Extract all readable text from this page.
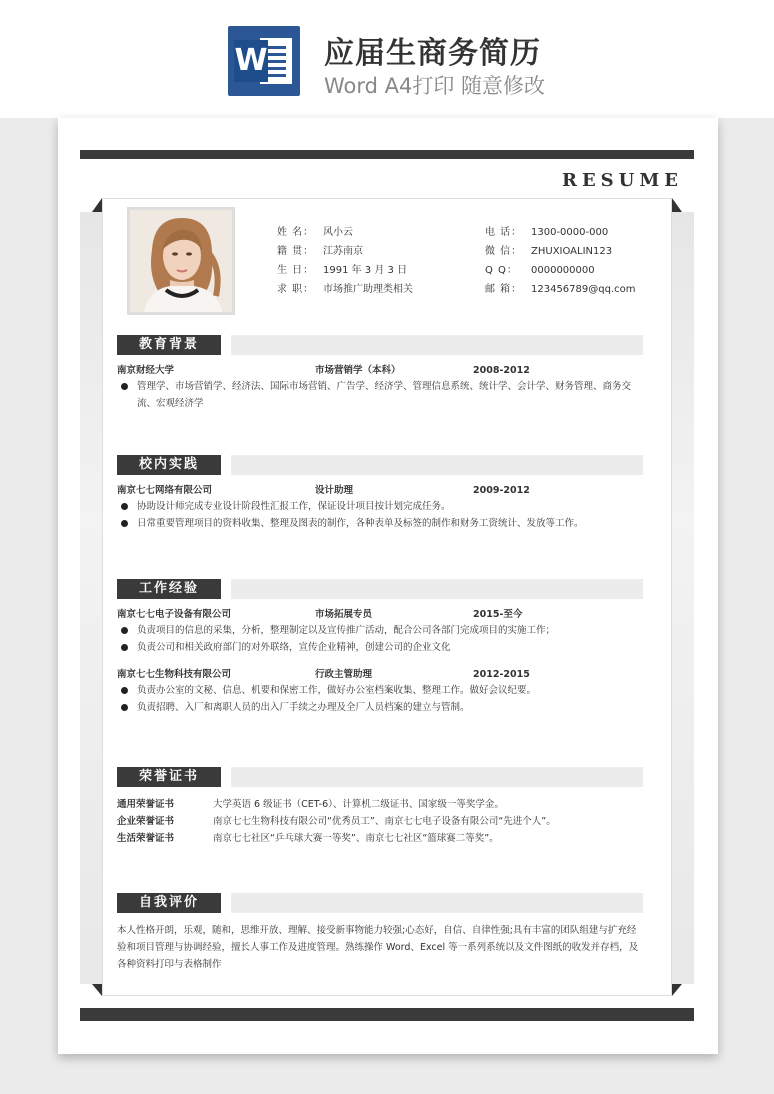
W 应届生商务简历
Word A4打印 随意修改
RESUME
姓 名： 风小云
籍 贯： 江苏南京
生 日： 1991 年 3 月 3 日
求 职： 市场推广助理类相关
电 话： 1300-0000-000
微 信： ZHUXIOALIN123
Q Q：	0000000000
邮 箱： 123456789@qq.com
教育背景
南京财经大学	市场营销学（本科）	2008-2012
管理学、市场营销学、经济法、国际市场营销、广告学、经济学、管理信息系统、统计学、会计学、财务管理、商务交流、宏观经济学
校内实践
南京七七网络有限公司	设计助理	2009-2012
协助设计师完成专业设计阶段性汇报工作，保证设计项目按计划完成任务。
日常重要管理项目的资料收集、整理及图表的制作，各种表单及标签的制作和财务工资统计、发放等工作。
工作经验
南京七七电子设备有限公司	市场拓展专员	2015-至今
负责项目的信息的采集，分析，整理制定以及宣传推广活动，配合公司各部门完成项目的实施工作；
负责公司和相关政府部门的对外联络，宣传企业精神，创建公司的企业文化
南京七七生物科技有限公司	行政主管助理	2012-2015
负责办公室的文秘、信息、机要和保密工作，做好办公室档案收集、整理工作。做好会议纪要。
负责招聘、入厂和离职人员的出入厂手续之办理及全厂人员档案的建立与管制。
荣誉证书
通用荣誉证书	大学英语 6 级证书（CET-6）、计算机二级证书、国家级一等奖学金。
企业荣誉证书	南京七七生物科技有限公司“优秀员工”、南京七七电子设备有限公司“先进个人”。
生活荣誉证书	南京七七社区“乒乓球大赛一等奖”、南京七七社区“篮球赛二等奖”。
自我评价
本人性格开朗，乐观，随和，思维开放、理解、接受新事物能力较强;心态好，自信、自律性强;具有丰富的团队组建与扩充经验和项目管理与协调经验，擅长人事工作及进度管理。熟练操作 Word、Excel 等一系列系统以及文件图纸的收发并存档，及各种资料打印与表格制作
